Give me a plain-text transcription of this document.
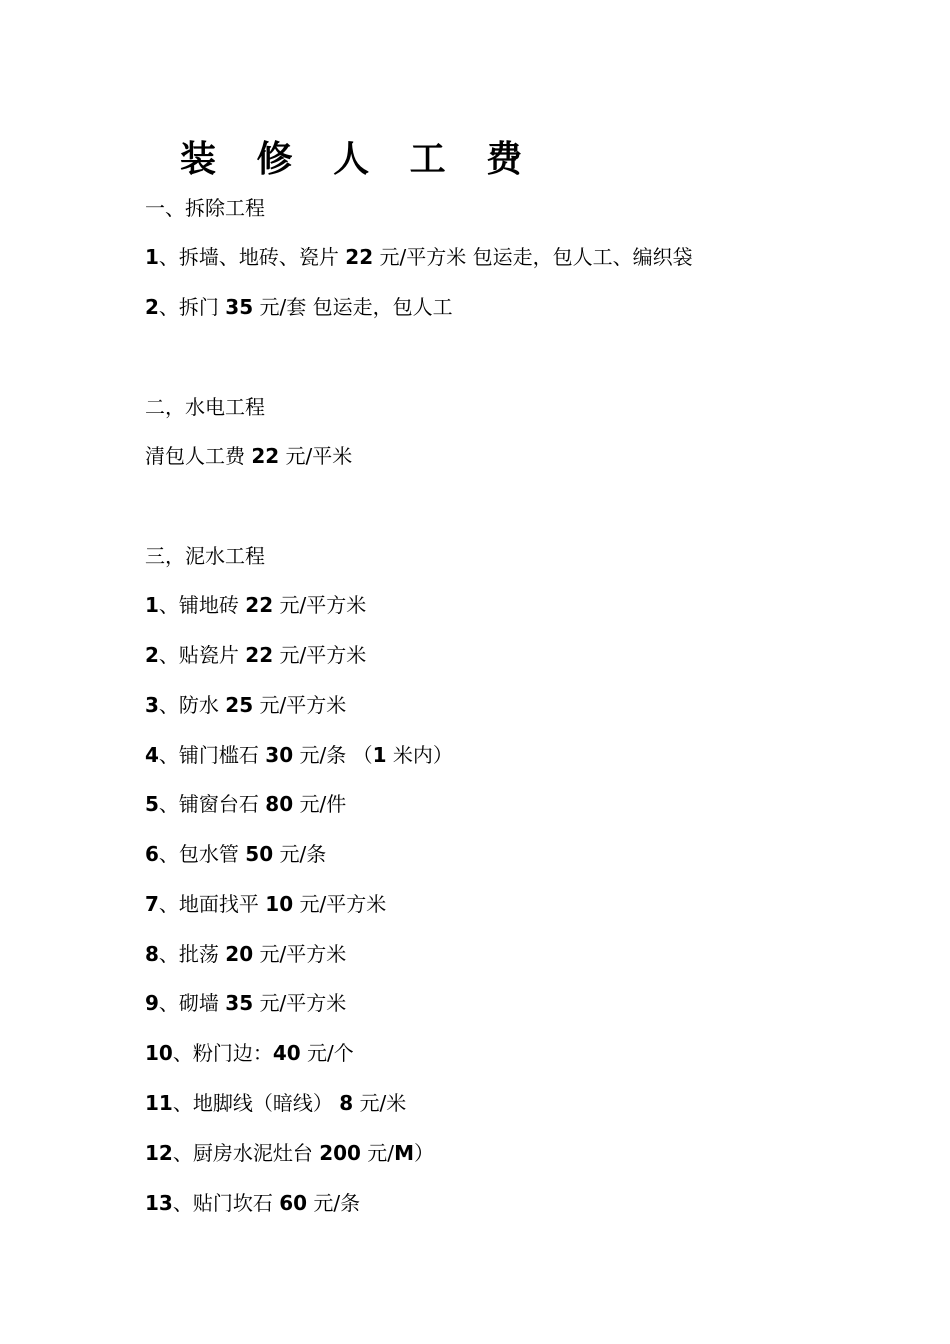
装 修 人 工 费
一、拆除工程
1、拆墙、地砖、瓷片 22 元/平方米 包运走，包人工、编织袋
2、拆门 35 元/套 包运走，包人工
二，水电工程
清包人工费 22 元/平米
三，泥水工程
1、铺地砖 22 元/平方米
2、贴瓷片 22 元/平方米
3、防水 25 元/平方米
4、铺门槛石 30 元/条 （1 米内）
5、铺窗台石 80 元/件
6、包水管 50 元/条
7、地面找平 10 元/平方米
8、批荡 20 元/平方米
9、砌墙 35 元/平方米
10、粉门边：40 元/个
11、地脚线（暗线） 8 元/米
12、厨房水泥灶台 200 元/M）
13、贴门坎石 60 元/条
